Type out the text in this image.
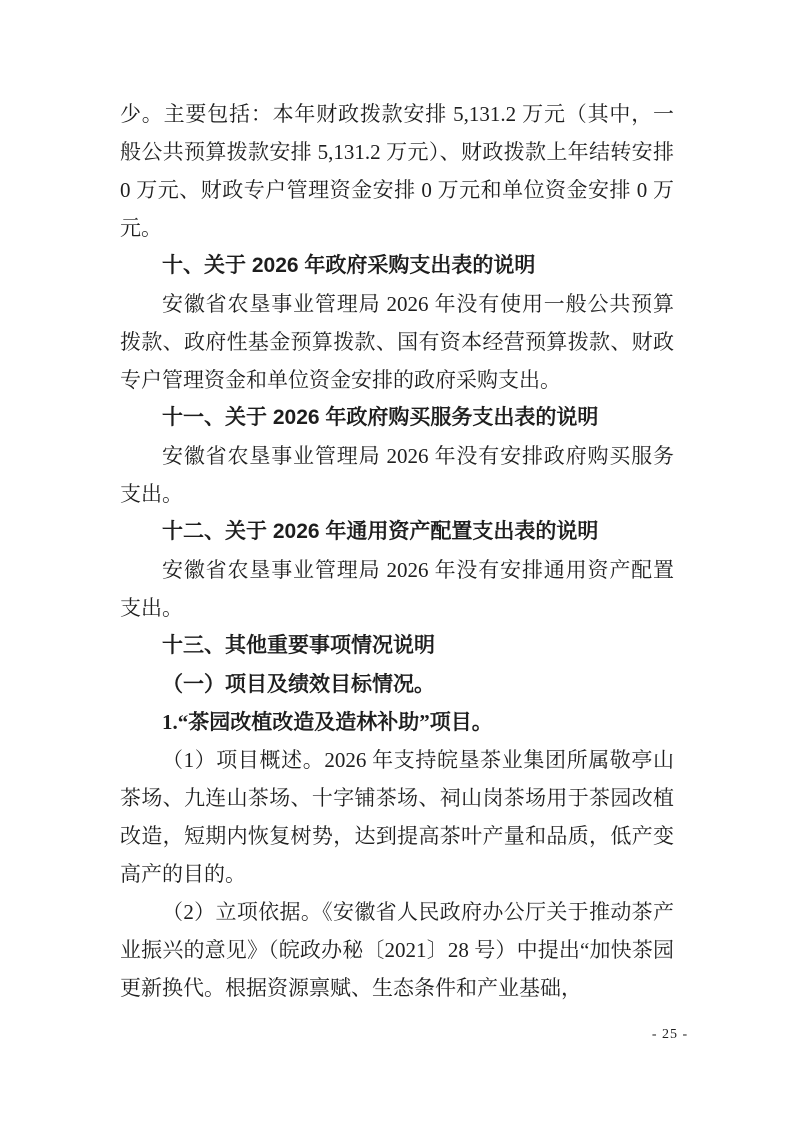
少。主要包括：本年财政拨款安排 5,131.2 万元（其中，一般公共预算拨款安排 5,131.2 万元）、财政拨款上年结转安排 0 万元、财政专户管理资金安排 0 万元和单位资金安排 0 万元。

十、关于 2026 年政府采购支出表的说明

安徽省农垦事业管理局 2026 年没有使用一般公共预算拨款、政府性基金预算拨款、国有资本经营预算拨款、财政专户管理资金和单位资金安排的政府采购支出。

十一、关于 2026 年政府购买服务支出表的说明

安徽省农垦事业管理局 2026 年没有安排政府购买服务支出。

十二、关于 2026 年通用资产配置支出表的说明

安徽省农垦事业管理局 2026 年没有安排通用资产配置支出。

十三、其他重要事项情况说明

（一）项目及绩效目标情况。

1.“茶园改植改造及造林补助”项目。

（1）项目概述。2026 年支持皖垦茶业集团所属敬亭山茶场、九连山茶场、十字铺茶场、祠山岗茶场用于茶园改植改造，短期内恢复树势，达到提高茶叶产量和品质，低产变高产的目的。

（2）立项依据。《安徽省人民政府办公厅关于推动茶产业振兴的意见》（皖政办秘〔2021〕28 号）中提出“加快茶园更新换代。根据资源禀赋、生态条件和产业基础，

- 25 -
